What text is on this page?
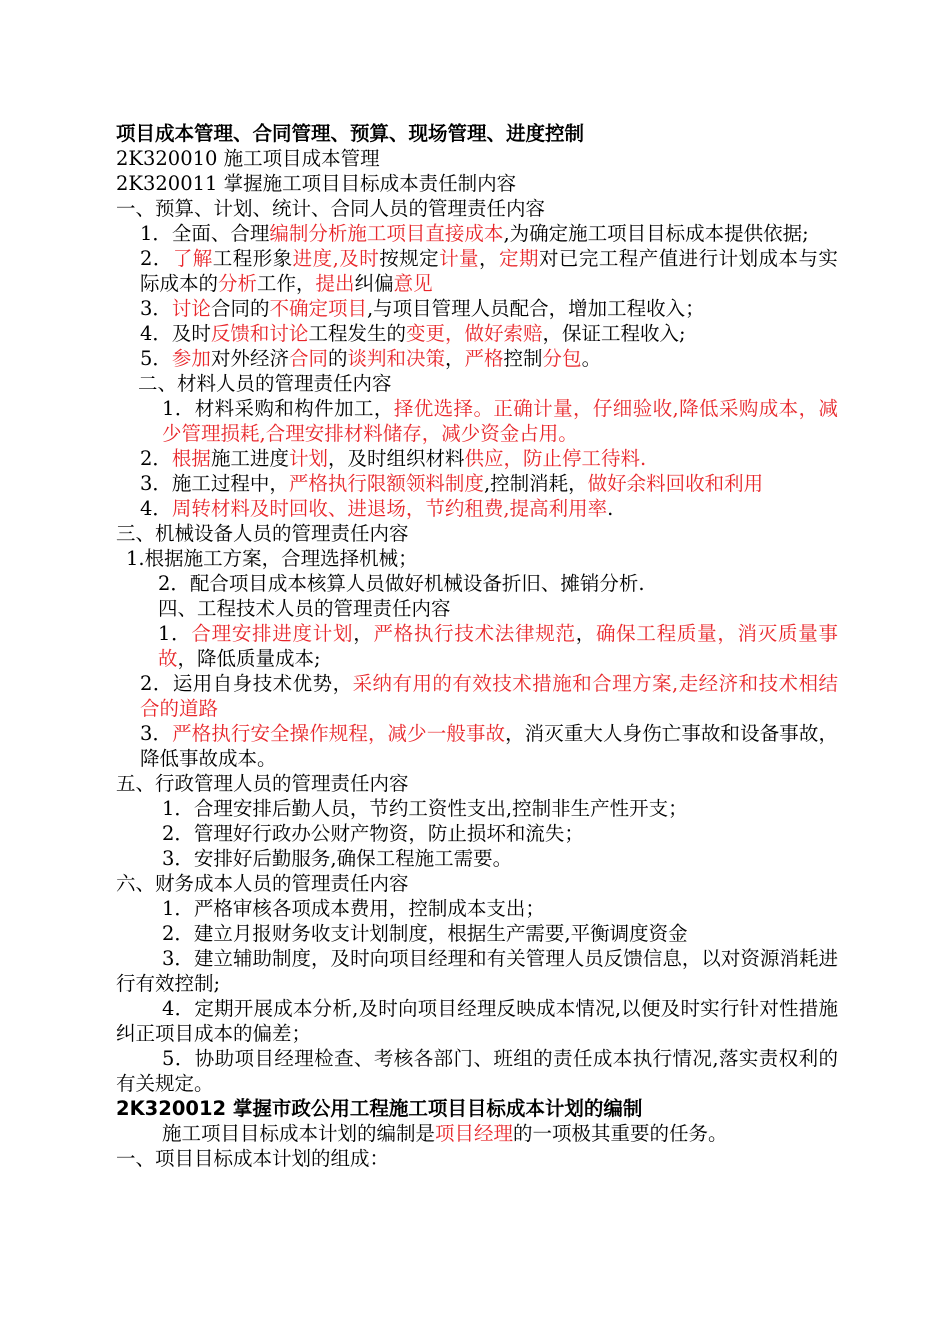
项目成本管理、合同管理、预算、现场管理、进度控制
2K320010 施工项目成本管理
2K320011 掌握施工项目目标成本责任制内容
一、预算、计划、统计、合同人员的管理责任内容
1．全面、合理编制分析施工项目直接成本,为确定施工项目目标成本提供依据;
2．了解工程形象进度,及时按规定计量，定期对已完工程产值进行计划成本与实际成本的分析工作，提出纠偏意见
3．讨论合同的不确定项目,与项目管理人员配合，增加工程收入；
4．及时反馈和讨论工程发生的变更，做好索赔，保证工程收入;
5．参加对外经济合同的谈判和决策，严格控制分包。
二、材料人员的管理责任内容
1．材料采购和构件加工，择优选择。正确计量，仔细验收,降低采购成本，减少管理损耗,合理安排材料储存，减少资金占用。
2．根据施工进度计划，及时组织材料供应，防止停工待料.
3．施工过程中，严格执行限额领料制度,控制消耗，做好余料回收和利用
4．周转材料及时回收、进退场，节约租费,提高利用率.
三、机械设备人员的管理责任内容
1.根据施工方案，合理选择机械；
2．配合项目成本核算人员做好机械设备折旧、摊销分析.
四、工程技术人员的管理责任内容
1．合理安排进度计划，严格执行技术法律规范，确保工程质量，消灭质量事故，降低质量成本;
2．运用自身技术优势，采纳有用的有效技术措施和合理方案,走经济和技术相结合的道路
3．严格执行安全操作规程，减少一般事故，消灭重大人身伤亡事故和设备事故，降低事故成本。
五、行政管理人员的管理责任内容
1．合理安排后勤人员，节约工资性支出,控制非生产性开支；
2．管理好行政办公财产物资，防止损坏和流失；
3．安排好后勤服务,确保工程施工需要。
六、财务成本人员的管理责任内容
1．严格审核各项成本费用，控制成本支出；
2．建立月报财务收支计划制度，根据生产需要,平衡调度资金
3．建立辅助制度，及时向项目经理和有关管理人员反馈信息，以对资源消耗进行有效控制;
4．定期开展成本分析,及时向项目经理反映成本情况,以便及时实行针对性措施纠正项目成本的偏差；
5．协助项目经理检查、考核各部门、班组的责任成本执行情况,落实责权利的有关规定。
2K320012 掌握市政公用工程施工项目目标成本计划的编制
施工项目目标成本计划的编制是项目经理的一项极其重要的任务。
一、项目目标成本计划的组成：
